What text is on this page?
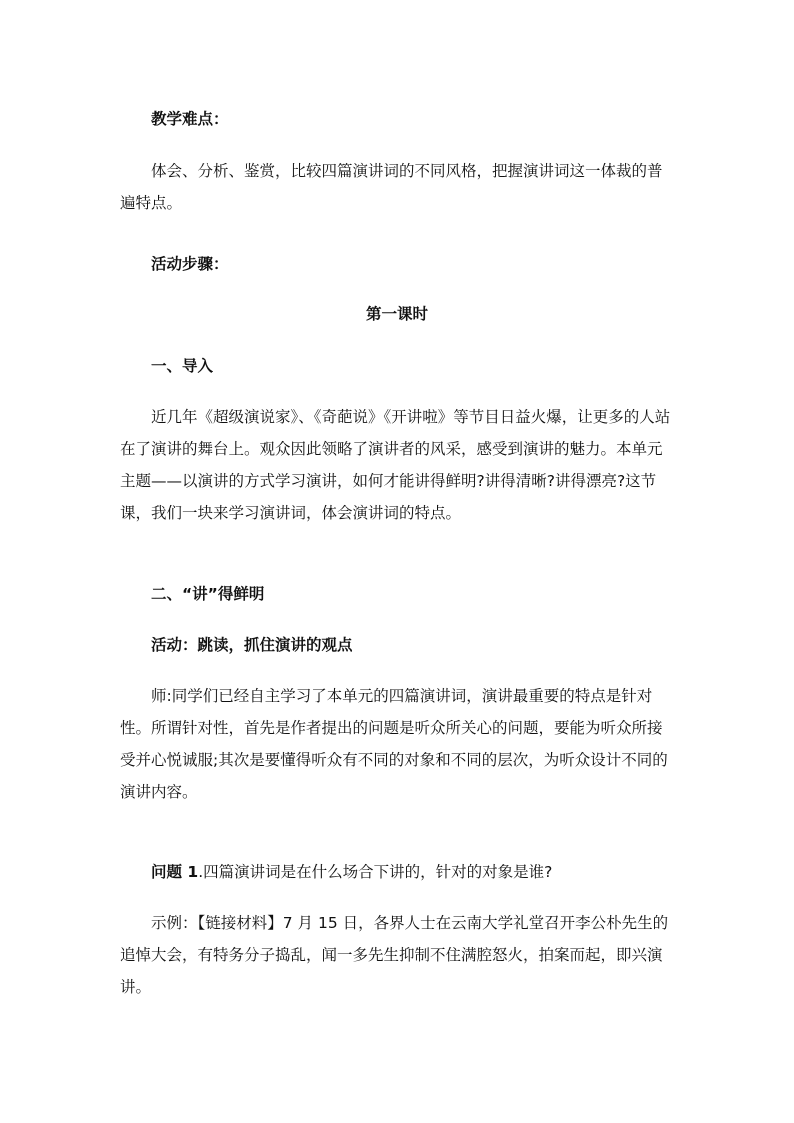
教学难点：

体会、分析、鉴赏，比较四篇演讲词的不同风格，把握演讲词这一体裁的普遍特点。

活动步骤：

第一课时

一、导入

近几年《超级演说家》、《奇葩说》《开讲啦》等节目日益火爆，让更多的人站在了演讲的舞台上。观众因此领略了演讲者的风采，感受到演讲的魅力。本单元主题——以演讲的方式学习演讲，如何才能讲得鲜明?讲得清晰?讲得漂亮?这节课，我们一块来学习演讲词，体会演讲词的特点。

二、“讲”得鲜明

活动：跳读，抓住演讲的观点

师:同学们已经自主学习了本单元的四篇演讲词，演讲最重要的特点是针对性。所谓针对性，首先是作者提出的问题是听众所关心的问题，要能为听众所接受并心悦诚服;其次是要懂得听众有不同的对象和不同的层次，为听众设计不同的演讲内容。

问题 1.四篇演讲词是在什么场合下讲的，针对的对象是谁?

示例：【链接材料】7 月 15 日，各界人士在云南大学礼堂召开李公朴先生的追悼大会，有特务分子捣乱，闻一多先生抑制不住满腔怒火，拍案而起，即兴演讲。
